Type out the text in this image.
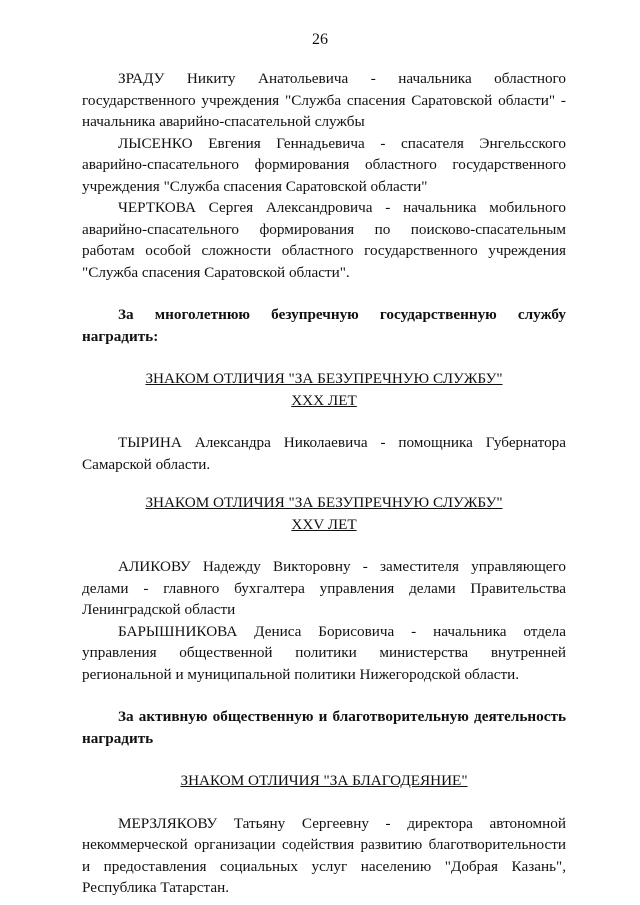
26
ЗРАДУ Никиту Анатольевича - начальника областного государственного учреждения "Служба спасения Саратовской области" - начальника аварийно-спасательной службы
ЛЫСЕНКО Евгения Геннадьевича - спасателя Энгельсского аварийно-спасательного формирования областного государственного учреждения "Служба спасения Саратовской области"
ЧЕРТКОВА Сергея Александровича - начальника мобильного аварийно-спасательного формирования по поисково-спасательным работам особой сложности областного государственного учреждения "Служба спасения Саратовской области".
За многолетнюю безупречную государственную службу наградить:
ЗНАКОМ ОТЛИЧИЯ "ЗА БЕЗУПРЕЧНУЮ СЛУЖБУ"
XXX ЛЕТ
ТЫРИНА Александра Николаевича - помощника Губернатора Самарской области.
ЗНАКОМ ОТЛИЧИЯ "ЗА БЕЗУПРЕЧНУЮ СЛУЖБУ"
XXV ЛЕТ
АЛИКОВУ Надежду Викторовну - заместителя управляющего делами - главного бухгалтера управления делами Правительства Ленинградской области
БАРЫШНИКОВА Дениса Борисовича - начальника отдела управления общественной политики министерства внутренней региональной и муниципальной политики Нижегородской области.
За активную общественную и благотворительную деятельность наградить
ЗНАКОМ ОТЛИЧИЯ "ЗА БЛАГОДЕЯНИЕ"
МЕРЗЛЯКОВУ Татьяну Сергеевну - директора автономной некоммерческой организации содействия развитию благотворительности и предоставления социальных услуг населению "Добрая Казань", Республика Татарстан.
